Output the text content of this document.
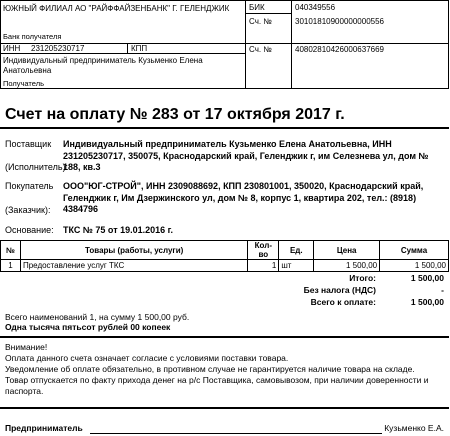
ЮЖНЫЙ ФИЛИАЛ АО "РАЙФФАЙЗЕНБАНК" Г. ГЕЛЕНДЖИК
Банк получателя
БИК	040349556
Сч. №	30101810900000000556
ИНН 231205230717	КПП	Сч. №	40802810426000637669
Индивидуальный предприниматель Кузьменко Елена Анатольевна
Получатель
Счет на оплату № 283 от 17 октября 2017 г.
Поставщик
(Исполнитель):
Индивидуальный предприниматель Кузьменко Елена Анатольевна, ИНН 231205230717, 350075, Краснодарский край, Геленджик г, им Селезнева ул, дом № 188, кв.3
Покупатель
(Заказчик):
ООО"ЮГ-СТРОЙ", ИНН 2309088692, КПП 230801001, 350020, Краснодарский край, Геленджик г, Им Дзержинского ул, дом № 8, корпус 1, квартира 202, тел.: (8918) 4384796
Основание: ТКС № 75 от 19.01.2016 г.
№	Товары (работы, услуги)	Кол-во	Ед.	Цена	Сумма
1	Предоставление услуг ТКС	1	шт	1 500,00	1 500,00
Итого:	1 500,00
Без налога (НДС)	-
Всего к оплате:	1 500,00
Всего наименований 1, на сумму 1 500,00 руб.
Одна тысяча пятьсот рублей 00 копеек
Внимание!
Оплата данного счета означает согласие с условиями поставки товара.
Уведомление об оплате обязательно, в противном случае не гарантируется наличие товара на складе.
Товар отпускается по факту прихода денег на р/с Поставщика, самовывозом, при наличии доверенности и паспорта.
Предприниматель	Кузьменко Е.А.
